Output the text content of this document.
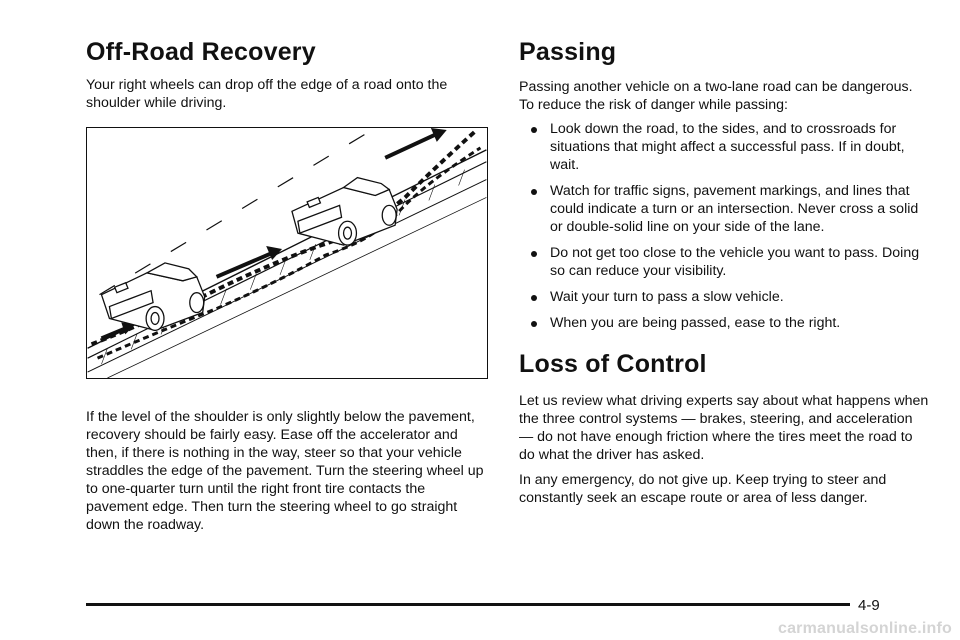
Off-Road Recovery

Your right wheels can drop off the edge of a road onto the shoulder while driving.

If the level of the shoulder is only slightly below the pavement, recovery should be fairly easy. Ease off the accelerator and then, if there is nothing in the way, steer so that your vehicle straddles the edge of the pavement. Turn the steering wheel up to one-quarter turn until the right front tire contacts the pavement edge. Then turn the steering wheel to go straight down the roadway.

Passing

Passing another vehicle on a two-lane road can be dangerous. To reduce the risk of danger while passing:

Look down the road, to the sides, and to crossroads for situations that might affect a successful pass. If in doubt, wait.
Watch for traffic signs, pavement markings, and lines that could indicate a turn or an intersection. Never cross a solid or double-solid line on your side of the lane.
Do not get too close to the vehicle you want to pass. Doing so can reduce your visibility.
Wait your turn to pass a slow vehicle.
When you are being passed, ease to the right.
Loss of Control

Let us review what driving experts say about what happens when the three control systems — brakes, steering, and acceleration — do not have enough friction where the tires meet the road to do what the driver has asked.

In any emergency, do not give up. Keep trying to steer and constantly seek an escape route or area of less danger.

4-9
carmanualsonline.info
